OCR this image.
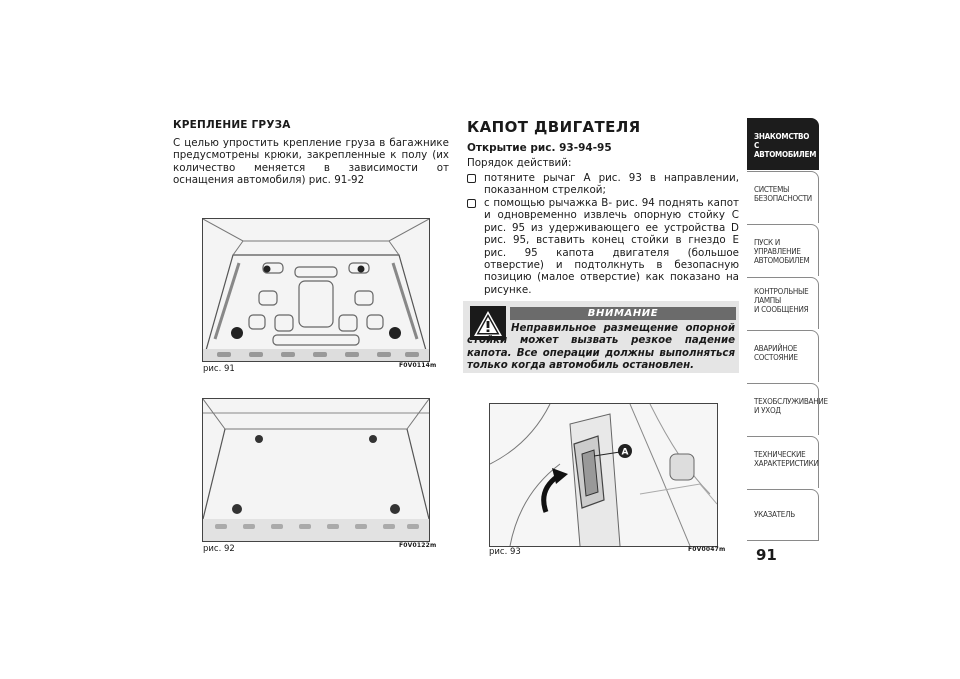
КРЕПЛЕНИЕ ГРУЗА
С целью упростить крепление груза в багажнике предусмотрены крюки, закрепленные к полу (их количество меняется в зависимости от оснащения автомобиля) рис. 91-92
рис. 91	F0V0114m
рис. 92	F0V0122m
КАПОТ ДВИГАТЕЛЯ
Открытие рис. 93-94-95
Порядок действий:
потяните рычаг A рис. 93 в направлении, показанном стрелкой;
с помощью рычажка B- рис. 94 поднять капот и одновременно извлечь опорную стойку C рис. 95 из удерживающего ее устройства D рис. 95, вставить конец стойки в гнездо E рис. 95 капота двигателя (большое отверстие) и подтолкнуть в безопасную позицию (малое отверстие) как показано на рисунке.
ВНИМАНИЕ
Неправильное размещение опорной стойки может вызвать резкое падение капота. Все операции должны выполняться только когда автомобиль остановлен.
A
рис. 93	F0V0047m
ЗНАКОМСТВО С
АВТОМОБИЛЕМ
СИСТЕМЫ
БЕЗОПАСНОСТИ
ПУСК И УПРАВЛЕНИЕ
АВТОМОБИЛЕМ
КОНТРОЛЬНЫЕ
ЛАМПЫ
И СООБЩЕНИЯ
АВАРИЙНОЕ
СОСТОЯНИЕ
ТЕХОБСЛУЖИВАНИЕ
И УХОД
ТЕХНИЧЕСКИЕ
ХАРАКТЕРИСТИКИ
УКАЗАТЕЛЬ
91
